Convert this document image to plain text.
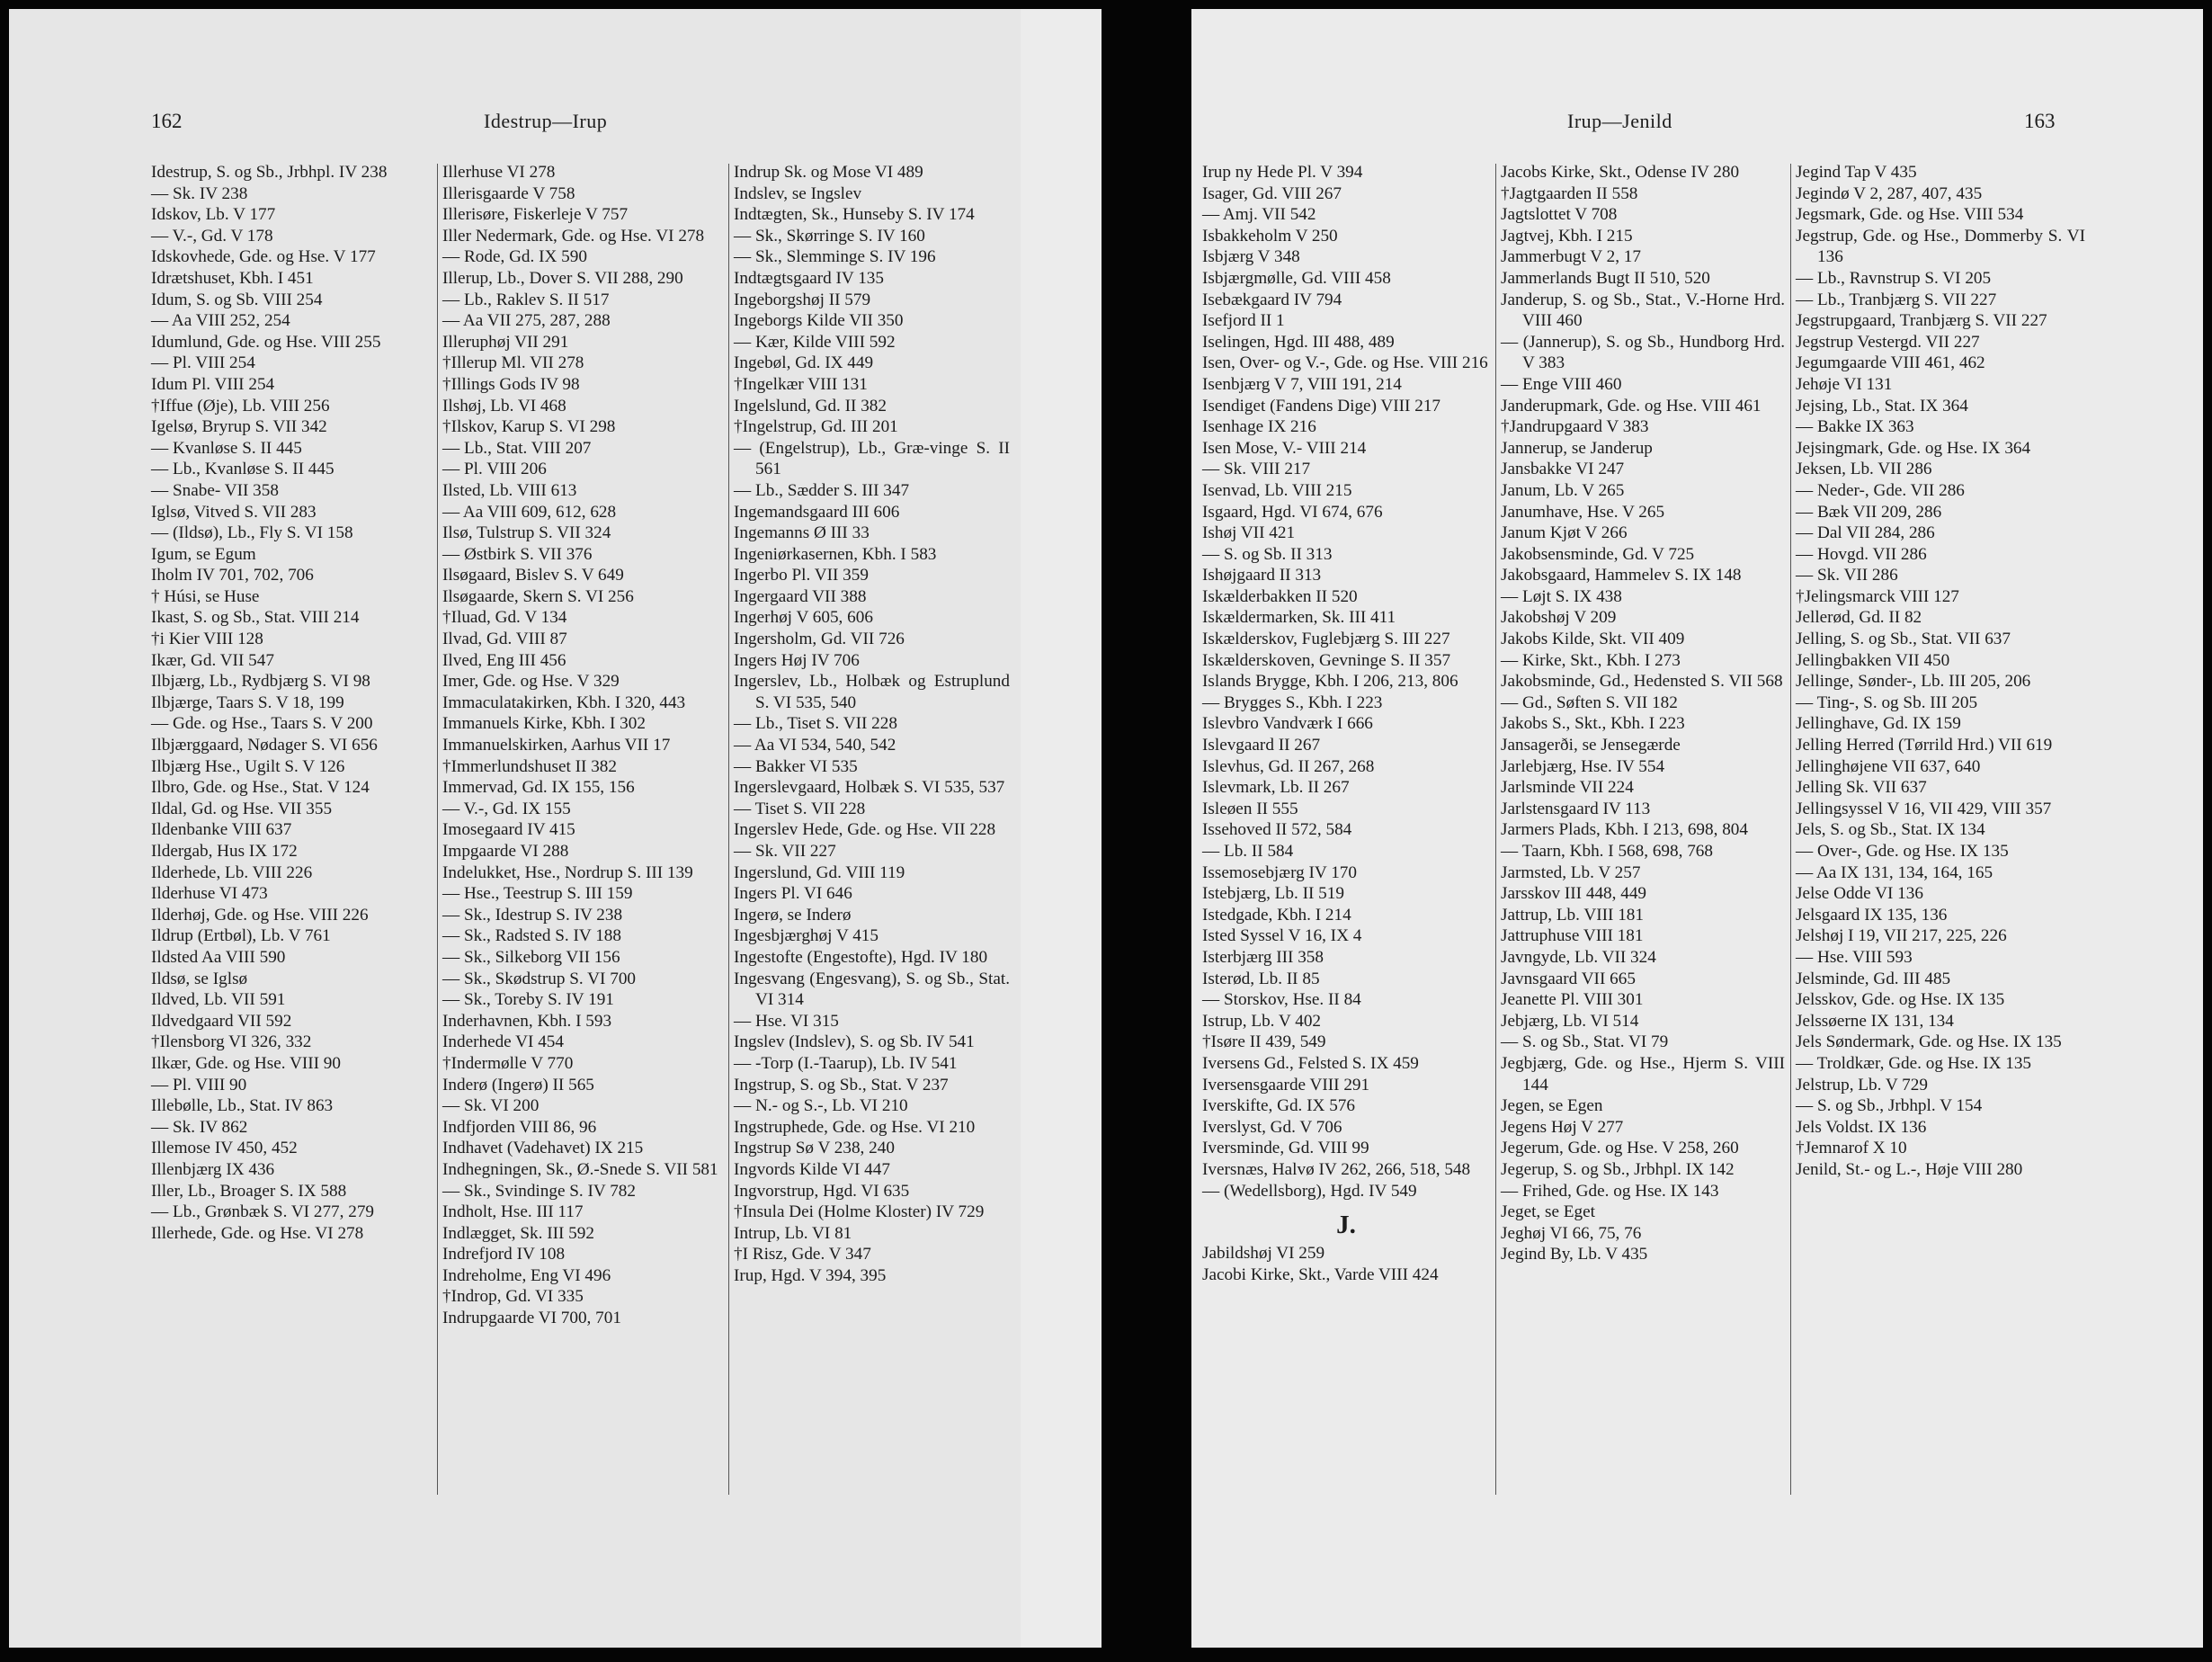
162	Idestrup—Irup
Idestrup, S. og Sb., Jrbhpl. IV 238
— Sk. IV 238
Idskov, Lb. V 177
— V.-, Gd. V 178
Idskovhede, Gde. og Hse. V 177
Idrætshuset, Kbh. I 451
Idum, S. og Sb. VIII 254
— Aa VIII 252, 254
Idumlund, Gde. og Hse. VIII 255
— Pl. VIII 254
Idum Pl. VIII 254
†Iffue (Øje), Lb. VIII 256
Igelsø, Bryrup S. VII 342
— Kvanløse S. II 445
— Lb., Kvanløse S. II 445
— Snabe- VII 358
Iglsø, Vitved S. VII 283
— (Ildsø), Lb., Fly S. VI 158
Igum, se Egum
Iholm IV 701, 702, 706
† Húsi, se Huse
Ikast, S. og Sb., Stat. VIII 214
†i Kier VIII 128
Ikær, Gd. VII 547
Ilbjærg, Lb., Rydbjærg S. VI 98
Ilbjærge, Taars S. V 18, 199
— Gde. og Hse., Taars S. V 200
Ilbjærggaard, Nødager S. VI 656
Ilbjærg Hse., Ugilt S. V 126
Ilbro, Gde. og Hse., Stat. V 124
Ildal, Gd. og Hse. VII 355
Ildenbanke VIII 637
Ildergab, Hus IX 172
Ilderhede, Lb. VIII 226
Ilderhuse VI 473
Ilderhøj, Gde. og Hse. VIII 226
Ildrup (Ertbøl), Lb. V 761
Ildsted Aa VIII 590
Ildsø, se Iglsø
Ildved, Lb. VII 591
Ildvedgaard VII 592
†Ilensborg VI 326, 332
Ilkær, Gde. og Hse. VIII 90
— Pl. VIII 90
Illebølle, Lb., Stat. IV 863
— Sk. IV 862
Illemose IV 450, 452
Illenbjærg IX 436
Iller, Lb., Broager S. IX 588
— Lb., Grønbæk S. VI 277, 279
Illerhede, Gde. og Hse. VI 278
Illerhuse VI 278
Illerisgaarde V 758
Illerisøre, Fiskerleje V 757
Iller Nedermark, Gde. og Hse. VI 278
— Rode, Gd. IX 590
Illerup, Lb., Dover S. VII 288, 290
— Lb., Raklev S. II 517
— Aa VII 275, 287, 288
Illeruphøj VII 291
†Illerup Ml. VII 278
†Illings Gods IV 98
Ilshøj, Lb. VI 468
†Ilskov, Karup S. VI 298
— Lb., Stat. VIII 207
— Pl. VIII 206
Ilsted, Lb. VIII 613
— Aa VIII 609, 612, 628
Ilsø, Tulstrup S. VII 324
— Østbirk S. VII 376
Ilsøgaard, Bislev S. V 649
Ilsøgaarde, Skern S. VI 256
†Iluad, Gd. V 134
Ilvad, Gd. VIII 87
Ilved, Eng III 456
Imer, Gde. og Hse. V 329
Immaculatakirken, Kbh. I 320, 443
Immanuels Kirke, Kbh. I 302
Immanuelskirken, Aarhus VII 17
†Immerlundshuset II 382
Immervad, Gd. IX 155, 156
— V.-, Gd. IX 155
Imosegaard IV 415
Impgaarde VI 288
Indelukket, Hse., Nordrup S. III 139
— Hse., Teestrup S. III 159
— Sk., Idestrup S. IV 238
— Sk., Radsted S. IV 188
— Sk., Silkeborg VII 156
— Sk., Skødstrup S. VI 700
— Sk., Toreby S. IV 191
Inderhavnen, Kbh. I 593
Inderhede VI 454
†Indermølle V 770
Inderø (Ingerø) II 565
— Sk. VI 200
Indfjorden VIII 86, 96
Indhavet (Vadehavet) IX 215
Indhegningen, Sk., Ø.-Snede S. VII 581
— Sk., Svindinge S. IV 782
Indholt, Hse. III 117
Indlægget, Sk. III 592
Indrefjord IV 108
Indreholme, Eng VI 496
†Indrop, Gd. VI 335
Indrupgaarde VI 700, 701
Indrup Sk. og Mose VI 489
Indslev, se Ingslev
Indtægten, Sk., Hunseby S. IV 174
— Sk., Skørringe S. IV 160
— Sk., Slemminge S. IV 196
Indtægtsgaard IV 135
Ingeborgshøj II 579
Ingeborgs Kilde VII 350
— Kær, Kilde VIII 592
Ingebøl, Gd. IX 449
†Ingelkær VIII 131
Ingelslund, Gd. II 382
†Ingelstrup, Gd. III 201
— (Engelstrup), Lb., Græ-vinge S. II 561
— Lb., Sædder S. III 347
Ingemandsgaard III 606
Ingemanns Ø III 33
Ingeniørkasernen, Kbh. I 583
Ingerbo Pl. VII 359
Ingergaard VII 388
Ingerhøj V 605, 606
Ingersholm, Gd. VII 726
Ingers Høj IV 706
Ingerslev, Lb., Holbæk og Estruplund S. VI 535, 540
— Lb., Tiset S. VII 228
— Aa VI 534, 540, 542
— Bakker VI 535
Ingerslevgaard, Holbæk S. VI 535, 537
— Tiset S. VII 228
Ingerslev Hede, Gde. og Hse. VII 228
— Sk. VII 227
Ingerslund, Gd. VIII 119
Ingers Pl. VI 646
Ingerø, se Inderø
Ingesbjærghøj V 415
Ingestofte (Engestofte), Hgd. IV 180
Ingesvang (Engesvang), S. og Sb., Stat. VI 314
— Hse. VI 315
Ingslev (Indslev), S. og Sb. IV 541
— -Torp (I.-Taarup), Lb. IV 541
Ingstrup, S. og Sb., Stat. V 237
— N.- og S.-, Lb. VI 210
Ingstruphede, Gde. og Hse. VI 210
Ingstrup Sø V 238, 240
Ingvords Kilde VI 447
Ingvorstrup, Hgd. VI 635
†Insula Dei (Holme Kloster) IV 729
Intrup, Lb. VI 81
†I Risz, Gde. V 347
Irup, Hgd. V 394, 395
Irup—Jenild	163
Irup ny Hede Pl. V 394
Isager, Gd. VIII 267
— Amj. VII 542
Isbakkeholm V 250
Isbjærg V 348
Isbjærgmølle, Gd. VIII 458
Isebækgaard IV 794
Isefjord II 1
Iselingen, Hgd. III 488, 489
Isen, Over- og V.-, Gde. og Hse. VIII 216
Isenbjærg V 7, VIII 191, 214
Isendiget (Fandens Dige) VIII 217
Isenhage IX 216
Isen Mose, V.- VIII 214
— Sk. VIII 217
Isenvad, Lb. VIII 215
Isgaard, Hgd. VI 674, 676
Ishøj VII 421
— S. og Sb. II 313
Ishøjgaard II 313
Iskælderbakken II 520
Iskældermarken, Sk. III 411
Iskælderskov, Fuglebjærg S. III 227
Iskælderskoven, Gevninge S. II 357
Islands Brygge, Kbh. I 206, 213, 806
— Brygges S., Kbh. I 223
Islevbro Vandværk I 666
Islevgaard II 267
Islevhus, Gd. II 267, 268
Islevmark, Lb. II 267
Isleøen II 555
Issehoved II 572, 584
— Lb. II 584
Issemosebjærg IV 170
Istebjærg, Lb. II 519
Istedgade, Kbh. I 214
Isted Syssel V 16, IX 4
Isterbjærg III 358
Isterød, Lb. II 85
— Storskov, Hse. II 84
Istrup, Lb. V 402
†Isøre II 439, 549
Iversens Gd., Felsted S. IX 459
Iversensgaarde VIII 291
Iverskifte, Gd. IX 576
Iverslyst, Gd. V 706
Iversminde, Gd. VIII 99
Iversnæs, Halvø IV 262, 266, 518, 548
— (Wedellsborg), Hgd. IV 549
J.
Jabildshøj VI 259
Jacobi Kirke, Skt., Varde VIII 424
Jacobs Kirke, Skt., Odense IV 280
†Jagtgaarden II 558
Jagtslottet V 708
Jagtvej, Kbh. I 215
Jammerbugt V 2, 17
Jammerlands Bugt II 510, 520
Janderup, S. og Sb., Stat., V.-Horne Hrd. VIII 460
— (Jannerup), S. og Sb., Hundborg Hrd. V 383
— Enge VIII 460
Janderupmark, Gde. og Hse. VIII 461
†Jandrupgaard V 383
Jannerup, se Janderup
Jansbakke VI 247
Janum, Lb. V 265
Janumhave, Hse. V 265
Janum Kjøt V 266
Jakobsensminde, Gd. V 725
Jakobsgaard, Hammelev S. IX 148
— Løjt S. IX 438
Jakobshøj V 209
Jakobs Kilde, Skt. VII 409
— Kirke, Skt., Kbh. I 273
Jakobsminde, Gd., Hedensted S. VII 568
— Gd., Søften S. VII 182
Jakobs S., Skt., Kbh. I 223
Jansagerði, se Jensegærde
Jarlebjærg, Hse. IV 554
Jarlsminde VII 224
Jarlstensgaard IV 113
Jarmers Plads, Kbh. I 213, 698, 804
— Taarn, Kbh. I 568, 698, 768
Jarmsted, Lb. V 257
Jarsskov III 448, 449
Jattrup, Lb. VIII 181
Jattruphuse VIII 181
Javngyde, Lb. VII 324
Javnsgaard VII 665
Jeanette Pl. VIII 301
Jebjærg, Lb. VI 514
— S. og Sb., Stat. VI 79
Jegbjærg, Gde. og Hse., Hjerm S. VIII 144
Jegen, se Egen
Jegens Høj V 277
Jegerum, Gde. og Hse. V 258, 260
Jegerup, S. og Sb., Jrbhpl. IX 142
— Frihed, Gde. og Hse. IX 143
Jeget, se Eget
Jeghøj VI 66, 75, 76
Jegind By, Lb. V 435
Jegind Tap V 435
Jegindø V 2, 287, 407, 435
Jegsmark, Gde. og Hse. VIII 534
Jegstrup, Gde. og Hse., Dommerby S. VI 136
— Lb., Ravnstrup S. VI 205
— Lb., Tranbjærg S. VII 227
Jegstrupgaard, Tranbjærg S. VII 227
Jegstrup Vestergd. VII 227
Jegumgaarde VIII 461, 462
Jehøje VI 131
Jejsing, Lb., Stat. IX 364
— Bakke IX 363
Jejsingmark, Gde. og Hse. IX 364
Jeksen, Lb. VII 286
— Neder-, Gde. VII 286
— Bæk VII 209, 286
— Dal VII 284, 286
— Hovgd. VII 286
— Sk. VII 286
†Jelingsmarck VIII 127
Jellerød, Gd. II 82
Jelling, S. og Sb., Stat. VII 637
Jellingbakken VII 450
Jellinge, Sønder-, Lb. III 205, 206
— Ting-, S. og Sb. III 205
Jellinghave, Gd. IX 159
Jelling Herred (Tørrild Hrd.) VII 619
Jellinghøjene VII 637, 640
Jelling Sk. VII 637
Jellingsyssel V 16, VII 429, VIII 357
Jels, S. og Sb., Stat. IX 134
— Over-, Gde. og Hse. IX 135
— Aa IX 131, 134, 164, 165
Jelse Odde VI 136
Jelsgaard IX 135, 136
Jelshøj I 19, VII 217, 225, 226
— Hse. VIII 593
Jelsminde, Gd. III 485
Jelsskov, Gde. og Hse. IX 135
Jelssøerne IX 131, 134
Jels Søndermark, Gde. og Hse. IX 135
— Troldkær, Gde. og Hse. IX 135
Jelstrup, Lb. V 729
— S. og Sb., Jrbhpl. V 154
Jels Voldst. IX 136
†Jemnarof X 10
Jenild, St.- og L.-, Høje VIII 280
